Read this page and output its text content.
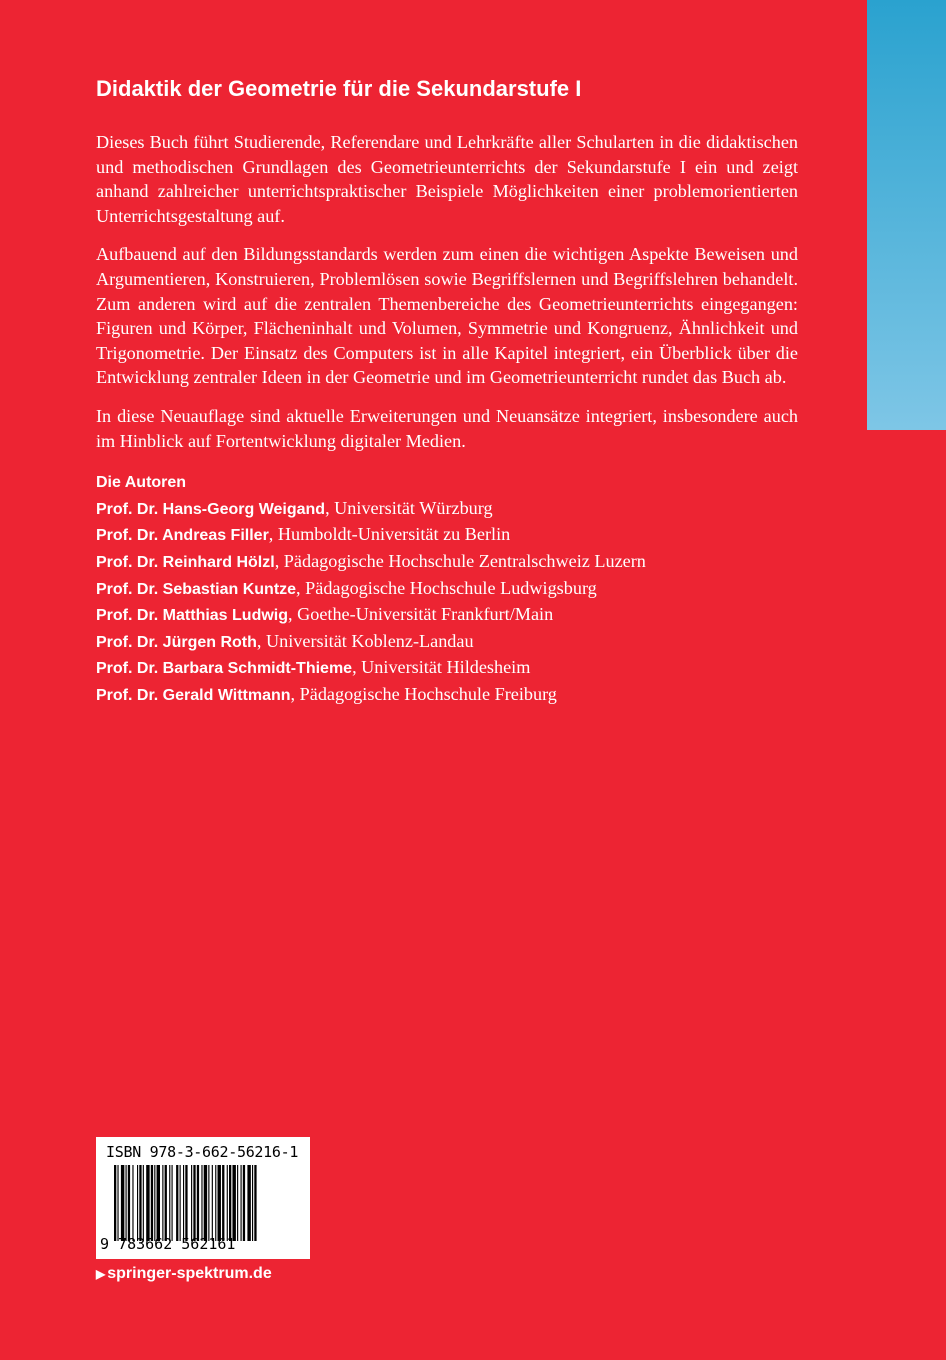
Didaktik der Geometrie für die Sekundarstufe I

Dieses Buch führt Studierende, Referendare und Lehrkräfte aller Schularten in die didaktischen und methodischen Grundlagen des Geometrieunterrichts der Sekundarstufe I ein und zeigt anhand zahlreicher unterrichtspraktischer Beispiele Möglichkeiten einer problemorientierten Unterrichtsgestaltung auf.

Aufbauend auf den Bildungsstandards werden zum einen die wichtigen Aspekte Beweisen und Argumentieren, Konstruieren, Problemlösen sowie Begriffslernen und Begriffslehren behandelt. Zum anderen wird auf die zentralen Themenbereiche des Geometrieunterrichts eingegangen: Figuren und Körper, Flächeninhalt und Volumen, Symmetrie und Kongruenz, Ähnlichkeit und Trigonometrie. Der Einsatz des Computers ist in alle Kapitel integriert, ein Überblick über die Entwicklung zentraler Ideen in der Geometrie und im Geometrieunterricht rundet das Buch ab.

In diese Neuauflage sind aktuelle Erweiterungen und Neuansätze integriert, insbesondere auch im Hinblick auf Fortentwicklung digitaler Medien.

Die Autoren
Prof. Dr. Hans-Georg Weigand, Universität Würzburg
Prof. Dr. Andreas Filler, Humboldt-Universität zu Berlin
Prof. Dr. Reinhard Hölzl, Pädagogische Hochschule Zentralschweiz Luzern
Prof. Dr. Sebastian Kuntze, Pädagogische Hochschule Ludwigsburg
Prof. Dr. Matthias Ludwig, Goethe-Universität Frankfurt/Main
Prof. Dr. Jürgen Roth, Universität Koblenz-Landau
Prof. Dr. Barbara Schmidt-Thieme, Universität Hildesheim
Prof. Dr. Gerald Wittmann, Pädagogische Hochschule Freiburg
ISBN 978-3-662-56216-1
9 783662 562161
▶ springer-spektrum.de
